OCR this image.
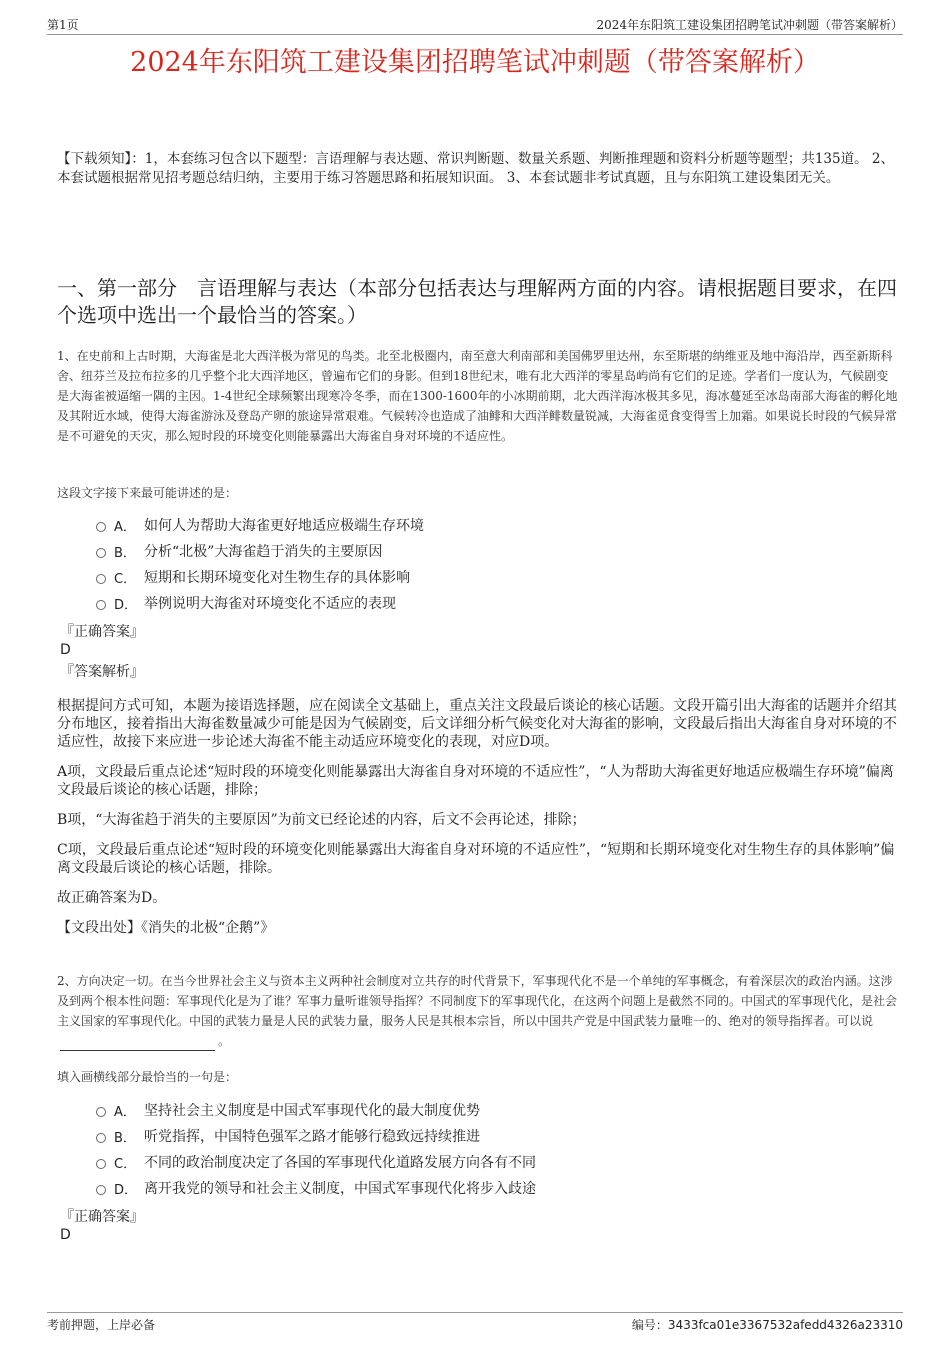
第1页	2024年东阳筑工建设集团招聘笔试冲刺题（带答案解析）
2024年东阳筑工建设集团招聘笔试冲刺题（带答案解析）
【下载须知】：1，本套练习包含以下题型：言语理解与表达题、常识判断题、数量关系题、判断推理题和资料分析题等题型；共135道。 2、本套试题根据常见招考题总结归纳，主要用于练习答题思路和拓展知识面。 3、本套试题非考试真题，且与东阳筑工建设集团无关。
一、第一部分　言语理解与表达（本部分包括表达与理解两方面的内容。请根据题目要求，在四个选项中选出一个最恰当的答案。）
1、在史前和上古时期，大海雀是北大西洋极为常见的鸟类。北至北极圈内，南至意大利南部和美国佛罗里达州，东至斯堪的纳维亚及地中海沿岸，西至新斯科舍、纽芬兰及拉布拉多的几乎整个北大西洋地区，曾遍布它们的身影。但到18世纪末，唯有北大西洋的零星岛屿尚有它们的足迹。学者们一度认为，气候剧变是大海雀被逼缩一隅的主因。1-4世纪全球频繁出现寒冷冬季，而在1300-1600年的小冰期前期，北大西洋海冰极其多见，海冰蔓延至冰岛南部大海雀的孵化地及其附近水域，使得大海雀游泳及登岛产卵的旅途异常艰难。气候转冷也造成了油鲱和大西洋鲱数量锐减，大海雀觅食变得雪上加霜。如果说长时段的气候异常是不可避免的天灾，那么短时段的环境变化则能暴露出大海雀自身对环境的不适应性。
这段文字接下来最可能讲述的是：
A． 如何人为帮助大海雀更好地适应极端生存环境
B． 分析“北极”大海雀趋于消失的主要原因
C． 短期和长期环境变化对生物生存的具体影响
D． 举例说明大海雀对环境变化不适应的表现
『正确答案』
D
『答案解析』

根据提问方式可知，本题为接语选择题，应在阅读全文基础上，重点关注文段最后谈论的核心话题。文段开篇引出大海雀的话题并介绍其分布地区，接着指出大海雀数量减少可能是因为气候剧变，后文详细分析气候变化对大海雀的影响，文段最后指出大海雀自身对环境的不适应性，故接下来应进一步论述大海雀不能主动适应环境变化的表现，对应D项。

A项，文段最后重点论述“短时段的环境变化则能暴露出大海雀自身对环境的不适应性”，“人为帮助大海雀更好地适应极端生存环境”偏离文段最后谈论的核心话题，排除；

B项，“大海雀趋于消失的主要原因”为前文已经论述的内容，后文不会再论述，排除；

C项，文段最后重点论述“短时段的环境变化则能暴露出大海雀自身对环境的不适应性”，“短期和长期环境变化对生物生存的具体影响”偏离文段最后谈论的核心话题，排除。

故正确答案为D。

【文段出处】《消失的北极“企鹅”》

2、方向决定一切。在当今世界社会主义与资本主义两种社会制度对立共存的时代背景下，军事现代化不是一个单纯的军事概念，有着深层次的政治内涵。这涉及到两个根本性问题：军事现代化是为了谁？军事力量听谁领导指挥？不同制度下的军事现代化，在这两个问题上是截然不同的。中国式的军事现代化，是社会主义国家的军事现代化。中国的武装力量是人民的武装力量，服务人民是其根本宗旨，所以中国共产党是中国武装力量唯一的、绝对的领导指挥者。可以说。
填入画横线部分最恰当的一句是：
A． 坚持社会主义制度是中国式军事现代化的最大制度优势
B． 听党指挥，中国特色强军之路才能够行稳致远持续推进
C． 不同的政治制度决定了各国的军事现代化道路发展方向各有不同
D． 离开我党的领导和社会主义制度，中国式军事现代化将步入歧途
『正确答案』
D
考前押题，上岸必备	编号：3433fca01e3367532afedd4326a23310
